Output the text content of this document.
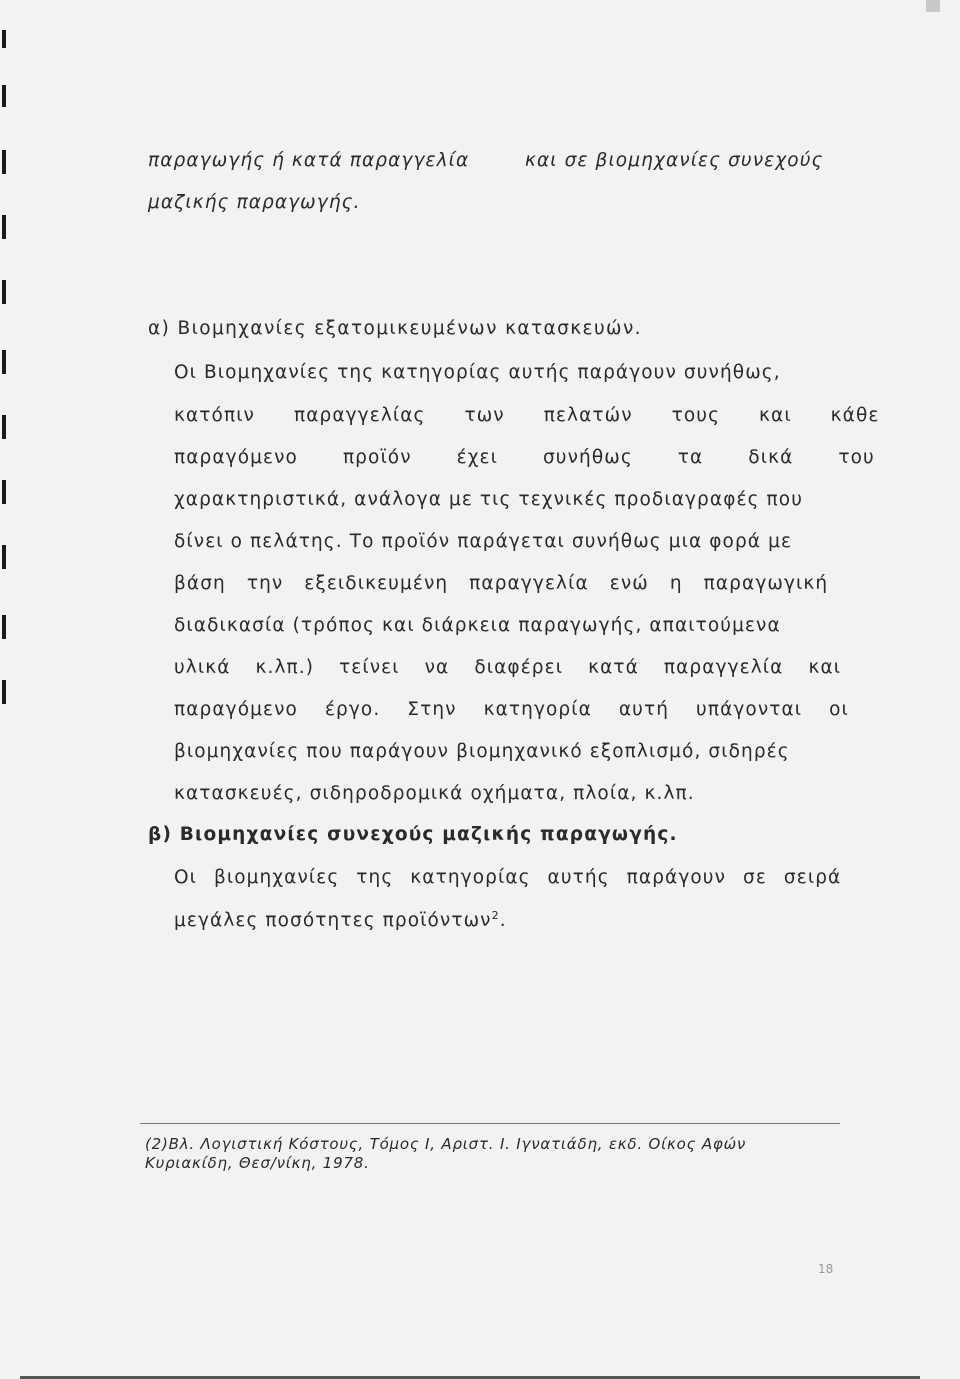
παραγωγής ή κατά παραγγελία	και σε βιομηχανίες συνεχούς
μαζικής παραγωγής.
α) Βιομηχανίες εξατομικευμένων κατασκευών.
Οι Βιομηχανίες της κατηγορίας αυτής παράγουν συνήθως,
κατόπιν παραγγελίας των πελατών τους και κάθε
παραγόμενο προϊόν έχει συνήθως τα δικά του
χαρακτηριστικά, ανάλογα με τις τεχνικές προδιαγραφές που
δίνει ο πελάτης. Το προϊόν παράγεται συνήθως μια φορά με
βάση την εξειδικευμένη παραγγελία ενώ η παραγωγική
διαδικασία (τρόπος και διάρκεια παραγωγής, απαιτούμενα
υλικά κ.λπ.) τείνει να διαφέρει κατά παραγγελία και
παραγόμενο έργο. Στην κατηγορία αυτή υπάγονται οι
βιομηχανίες που παράγουν βιομηχανικό εξοπλισμό, σιδηρές
κατασκευές, σιδηροδρομικά οχήματα, πλοία, κ.λπ.
β) Βιομηχανίες συνεχούς μαζικής παραγωγής.
Οι βιομηχανίες της κατηγορίας αυτής παράγουν σε σειρά
μεγάλες ποσότητες προϊόντων$^2$.
(2)Βλ. Λογιστική Κόστους, Τόμος Ι, Αριστ. Ι. Ιγνατιάδη, εκδ. Οίκος Αφών
Κυριακίδη, Θεσ/νίκη, 1978.
18
